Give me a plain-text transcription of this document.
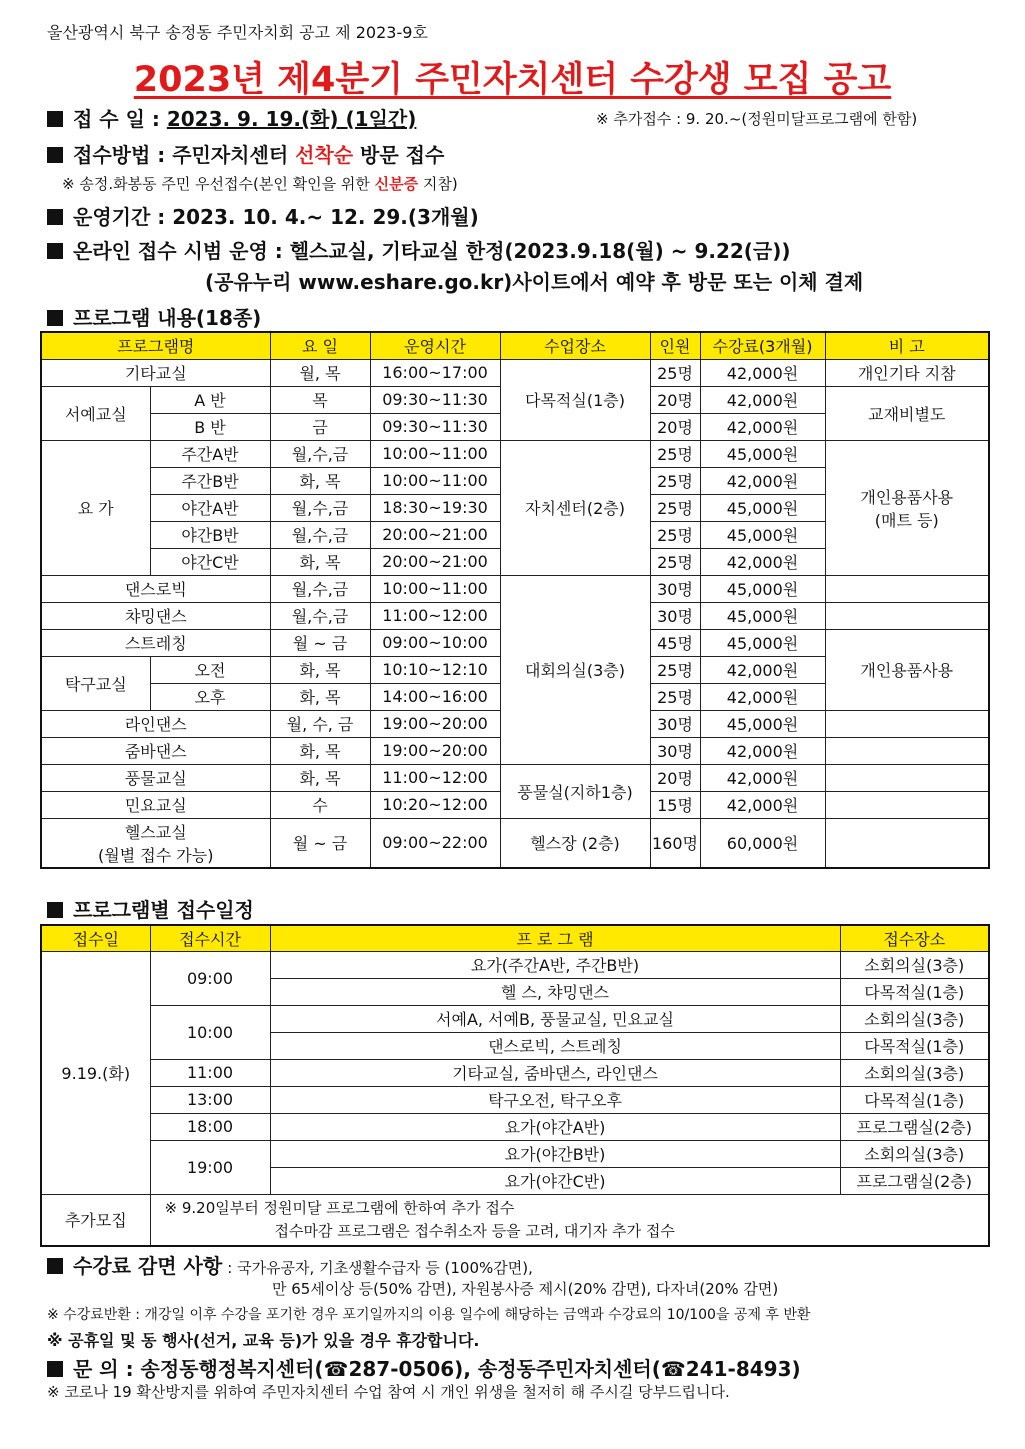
울산광역시 북구 송정동 주민자치회 공고 제 2023-9호
2023년 제4분기 주민자치센터 수강생 모집 공고
접 수 일 : 2023. 9. 19.(화) (1일간)	※ 추가접수 : 9. 20.~(정원미달프로그램에 한함)
접수방법 : 주민자치센터 선착순 방문 접수
※ 송정.화봉동 주민 우선접수(본인 확인을 위한 신분증 지참)
운영기간 : 2023. 10. 4.~ 12. 29.(3개월)
온라인 접수 시범 운영 : 헬스교실, 기타교실 한정(2023.9.18(월) ~ 9.22(금))
(공유누리 www.eshare.go.kr)사이트에서 예약 후 방문 또는 이체 결제
프로그램 내용(18종)
프로그램명		요 일	운영시간	수업장소	인원	수강료(3개월)	비 고
기타교실		월, 목	16:00~17:00	다목적실(1층)	25명	42,000원	개인기타 지참
서예교실	A 반	목	09:30~11:30		20명	42,000원	교재비별도
	B 반	금	09:30~11:30		20명	42,000원	
요 가	주간A반	월,수,금	10:00~11:00	자치센터(2층)	25명	45,000원	개인용품사용
(매트 등)
	주간B반	화, 목	10:00~11:00		25명	42,000원	
	야간A반	월,수,금	18:30~19:30		25명	45,000원	
	야간B반	월,수,금	20:00~21:00		25명	45,000원	
	야간C반	화, 목	20:00~21:00		25명	42,000원	
댄스로빅		월,수,금	10:00~11:00	대회의실(3층)	30명	45,000원	
챠밍댄스		월,수,금	11:00~12:00		30명	45,000원	
스트레칭		월 ~ 금	09:00~10:00		45명	45,000원	개인용품사용
탁구교실	오전	화, 목	10:10~12:10		25명	42,000원	
	오후	화, 목	14:00~16:00		25명	42,000원	
라인댄스		월, 수, 금	19:00~20:00		30명	45,000원	
줌바댄스		화, 목	19:00~20:00		30명	42,000원	
풍물교실		화, 목	11:00~12:00	풍물실(지하1층)	20명	42,000원	
민요교실		수	10:20~12:00		15명	42,000원	
헬스교실
(월별 접수 가능)		월 ~ 금	09:00~22:00	헬스장 (2층)	160명	60,000원	
프로그램별 접수일정
접수일	접수시간	프 로 그 램	접수장소
9.19.(화)	09:00	요가(주간A반, 주간B반)	소회의실(3층)
		헬 스, 챠밍댄스	다목적실(1층)
	10:00	서예A, 서예B, 풍물교실, 민요교실	소회의실(3층)
		댄스로빅, 스트레칭	다목적실(1층)
	11:00	기타교실, 줌바댄스, 라인댄스	소회의실(3층)
	13:00	탁구오전, 탁구오후	다목적실(1층)
	18:00	요가(야간A반)	프로그램실(2층)
	19:00	요가(야간B반)	소회의실(3층)
		요가(야간C반)	프로그램실(2층)
추가모집	※ 9.20일부터 정원미달 프로그램에 한하여 추가 접수
접수마감 프로그램은 접수취소자 등을 고려, 대기자 추가 접수		
수강료 감면 사항 : 국가유공자, 기초생활수급자 등 (100%감면),
만 65세이상 등(50% 감면), 자원봉사증 제시(20% 감면), 다자녀(20% 감면)
※ 수강료반환 : 개강일 이후 수강을 포기한 경우 포기일까지의 이용 일수에 해당하는 금액과 수강료의 10/100을 공제 후 반환
※ 공휴일 및 동 행사(선거, 교육 등)가 있을 경우 휴강합니다.
문 의 : 송정동행정복지센터(☎287-0506), 송정동주민자치센터(☎241-8493)
※ 코로나 19 확산방지를 위하여 주민자치센터 수업 참여 시 개인 위생을 철저히 해 주시길 당부드립니다.
